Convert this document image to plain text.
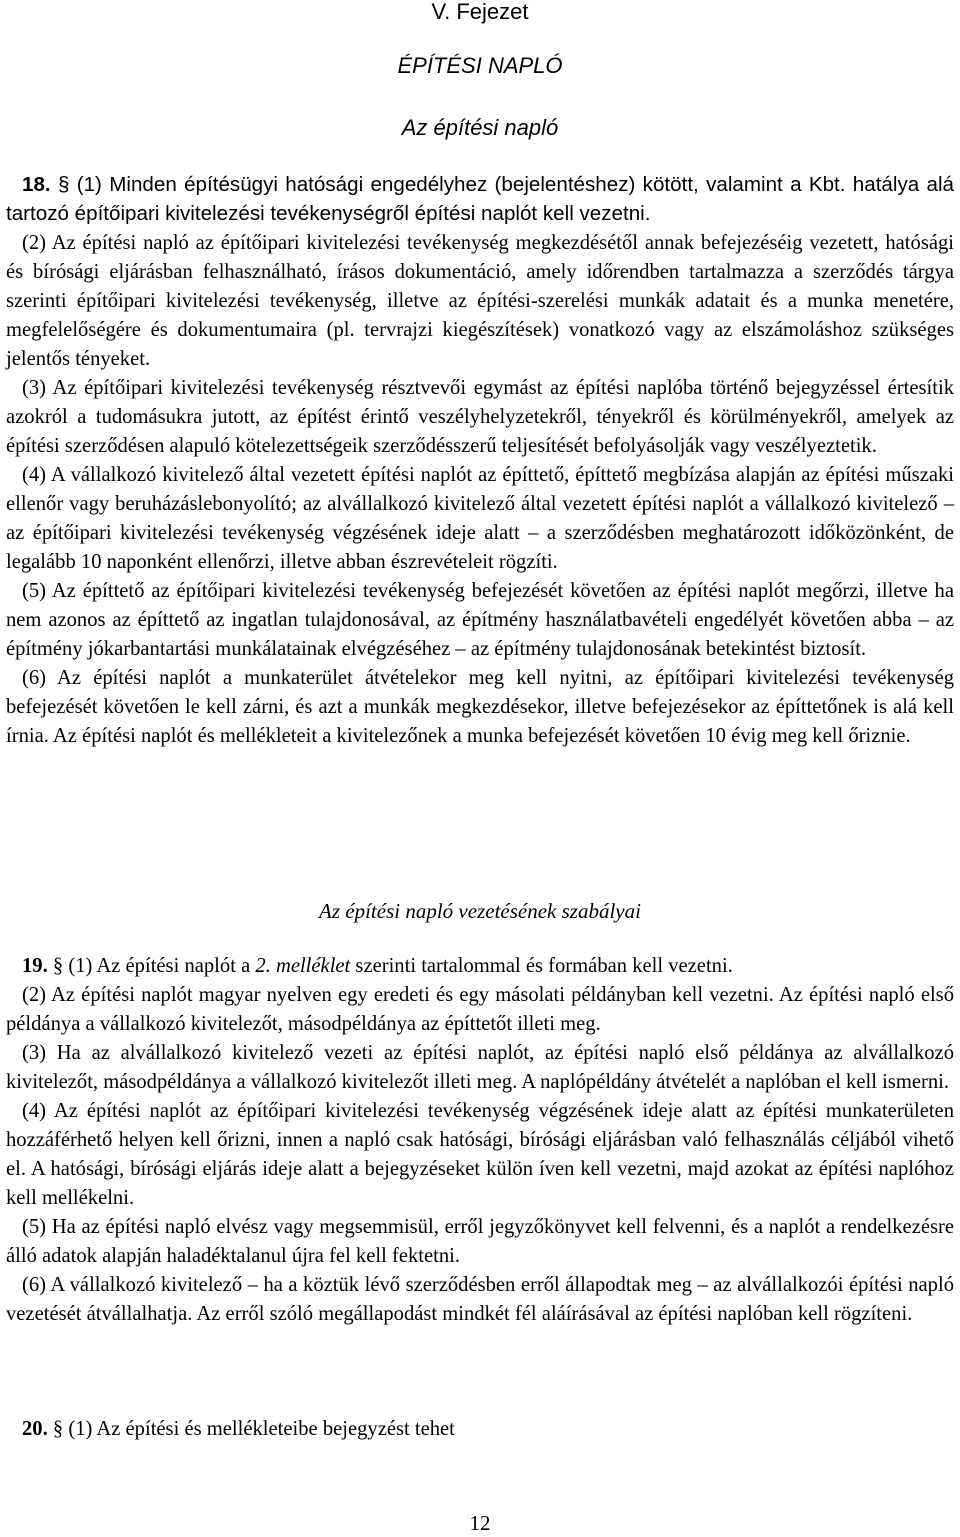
V. Fejezet
ÉPÍTÉSI NAPLÓ
Az építési napló

18. § (1) Minden építésügyi hatósági engedélyhez (bejelentéshez) kötött, valamint a Kbt. hatálya alá tartozó építőipari kivitelezési tevékenységről építési naplót kell vezetni.

(2) Az építési napló az építőipari kivitelezési tevékenység megkezdésétől annak befejezéséig vezetett, hatósági és bírósági eljárásban felhasználható, írásos dokumentáció, amely időrendben tartalmazza a szerződés tárgya szerinti építőipari kivitelezési tevékenység, illetve az építési-szerelési munkák adatait és a munka menetére, megfelelőségére és dokumentumaira (pl. tervrajzi kiegészítések) vonatkozó vagy az elszámoláshoz szükséges jelentős tényeket.

(3) Az építőipari kivitelezési tevékenység résztvevői egymást az építési naplóba történő bejegyzéssel értesítik azokról a tudomásukra jutott, az építést érintő veszélyhelyzetekről, tényekről és körülményekről, amelyek az építési szerződésen alapuló kötelezettségeik szerződésszerű teljesítését befolyásolják vagy veszélyeztetik.

(4) A vállalkozó kivitelező által vezetett építési naplót az építtető, építtető megbízása alapján az építési műszaki ellenőr vagy beruházáslebonyolító; az alvállalkozó kivitelező által vezetett építési naplót a vállalkozó kivitelező – az építőipari kivitelezési tevékenység végzésének ideje alatt – a szerződésben meghatározott időközönként, de legalább 10 naponként ellenőrzi, illetve abban észrevételeit rögzíti.

(5) Az építtető az építőipari kivitelezési tevékenység befejezését követően az építési naplót megőrzi, illetve ha nem azonos az építtető az ingatlan tulajdonosával, az építmény használatbavételi engedélyét követően abba – az építmény jókarbantartási munkálatainak elvégzéséhez – az építmény tulajdonosának betekintést biztosít.

(6) Az építési naplót a munkaterület átvételekor meg kell nyitni, az építőipari kivitelezési tevékenység befejezését követően le kell zárni, és azt a munkák megkezdésekor, illetve befejezésekor az építtetőnek is alá kell írnia. Az építési naplót és mellékleteit a kivitelezőnek a munka befejezését követően 10 évig meg kell őriznie.

Az építési napló vezetésének szabályai

19. § (1) Az építési naplót a 2. melléklet szerinti tartalommal és formában kell vezetni.

(2) Az építési naplót magyar nyelven egy eredeti és egy másolati példányban kell vezetni. Az építési napló első példánya a vállalkozó kivitelezőt, másodpéldánya az építtetőt illeti meg.

(3) Ha az alvállalkozó kivitelező vezeti az építési naplót, az építési napló első példánya az alvállalkozó kivitelezőt, másodpéldánya a vállalkozó kivitelezőt illeti meg. A naplópéldány átvételét a naplóban el kell ismerni.

(4) Az építési naplót az építőipari kivitelezési tevékenység végzésének ideje alatt az építési munkaterületen hozzáférhető helyen kell őrizni, innen a napló csak hatósági, bírósági eljárásban való felhasználás céljából vihető el. A hatósági, bírósági eljárás ideje alatt a bejegyzéseket külön íven kell vezetni, majd azokat az építési naplóhoz kell mellékelni.

(5) Ha az építési napló elvész vagy megsemmisül, erről jegyzőkönyvet kell felvenni, és a naplót a rendelkezésre álló adatok alapján haladéktalanul újra fel kell fektetni.

(6) A vállalkozó kivitelező – ha a köztük lévő szerződésben erről állapodtak meg – az alvállalkozói építési napló vezetését átvállalhatja. Az erről szóló megállapodást mindkét fél aláírásával az építési naplóban kell rögzíteni.

20. § (1) Az építési és mellékleteibe bejegyzést tehet

12
